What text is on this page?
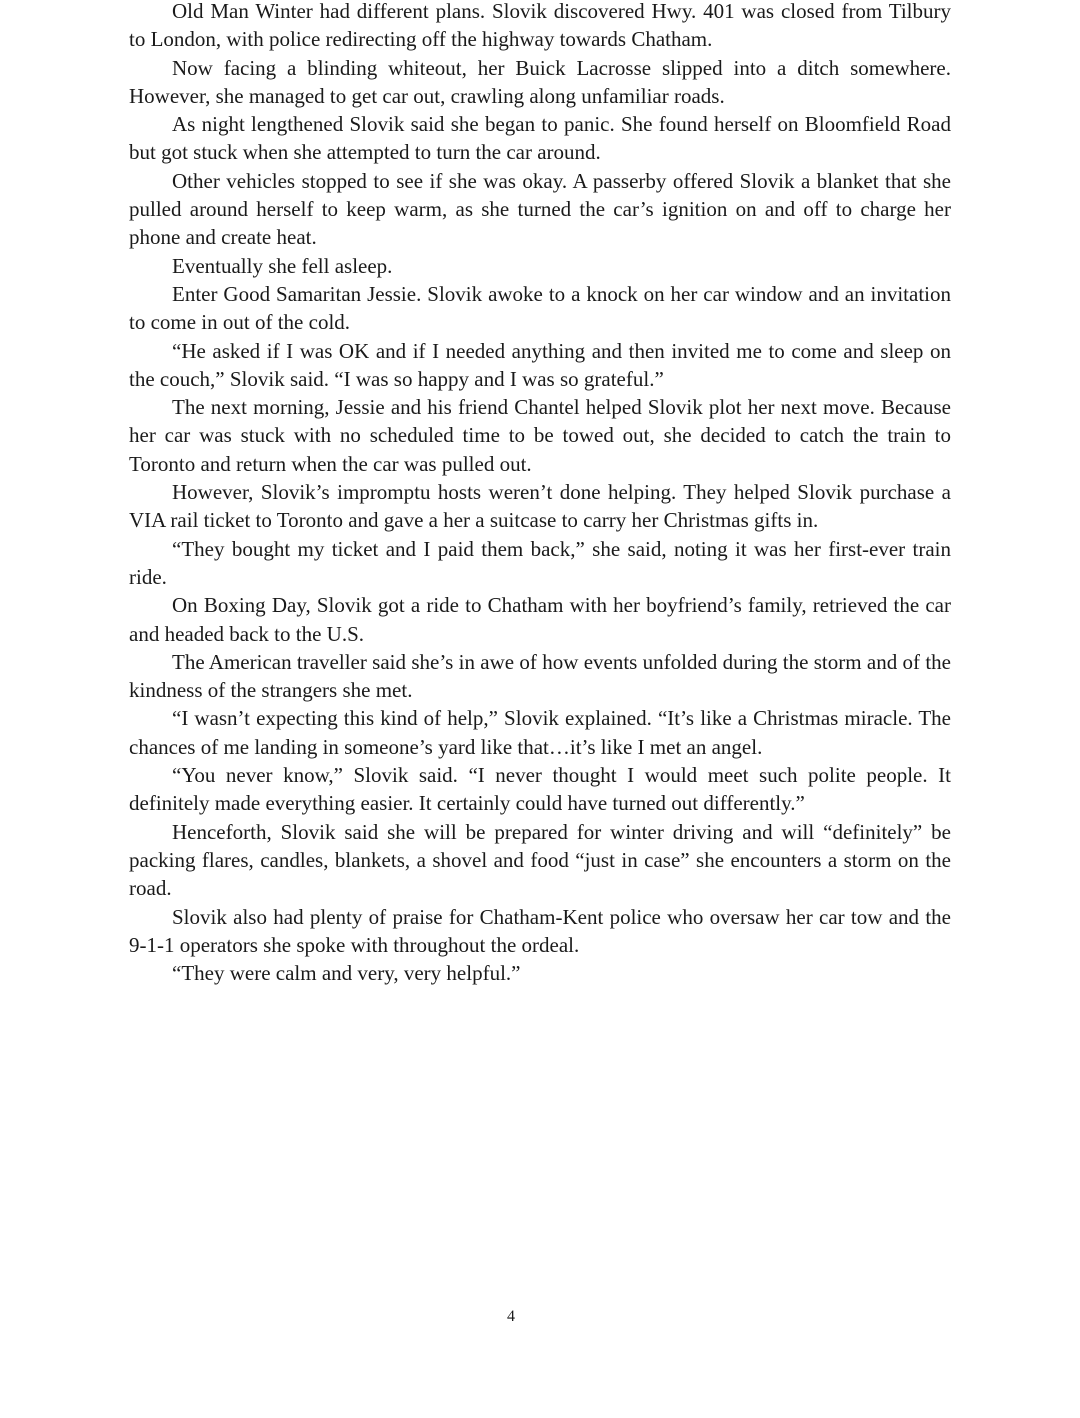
Old Man Winter had different plans. Slovik discovered Hwy. 401 was closed from Tilbury to London, with police redirecting off the highway towards Chatham.

Now facing a blinding whiteout, her Buick Lacrosse slipped into a ditch somewhere. However, she managed to get car out, crawling along unfamiliar roads.

As night lengthened Slovik said she began to panic. She found herself on Bloomfield Road but got stuck when she attempted to turn the car around.

Other vehicles stopped to see if she was okay. A passerby offered Slovik a blanket that she pulled around herself to keep warm, as she turned the car’s ignition on and off to charge her phone and create heat.

Eventually she fell asleep.

Enter Good Samaritan Jessie. Slovik awoke to a knock on her car window and an invitation to come in out of the cold.

“He asked if I was OK and if I needed anything and then invited me to come and sleep on the couch,” Slovik said. “I was so happy and I was so grateful.”

The next morning, Jessie and his friend Chantel helped Slovik plot her next move. Because her car was stuck with no scheduled time to be towed out, she decided to catch the train to Toronto and return when the car was pulled out.

However, Slovik’s impromptu hosts weren’t done helping. They helped Slovik purchase a VIA rail ticket to Toronto and gave a her a suitcase to carry her Christmas gifts in.

“They bought my ticket and I paid them back,” she said, noting it was her first-ever train ride.

On Boxing Day, Slovik got a ride to Chatham with her boyfriend’s family, retrieved the car and headed back to the U.S.

The American traveller said she’s in awe of how events unfolded during the storm and of the kindness of the strangers she met.

“I wasn’t expecting this kind of help,” Slovik explained. “It’s like a Christmas miracle. The chances of me landing in someone’s yard like that…it’s like I met an angel.

“You never know,” Slovik said. “I never thought I would meet such polite people. It definitely made everything easier. It certainly could have turned out differently.”

Henceforth, Slovik said she will be prepared for winter driving and will “definitely” be packing flares, candles, blankets, a shovel and food “just in case” she encounters a storm on the road.

Slovik also had plenty of praise for Chatham-Kent police who oversaw her car tow and the 9-1-1 operators she spoke with throughout the ordeal.

“They were calm and very, very helpful.”

4
